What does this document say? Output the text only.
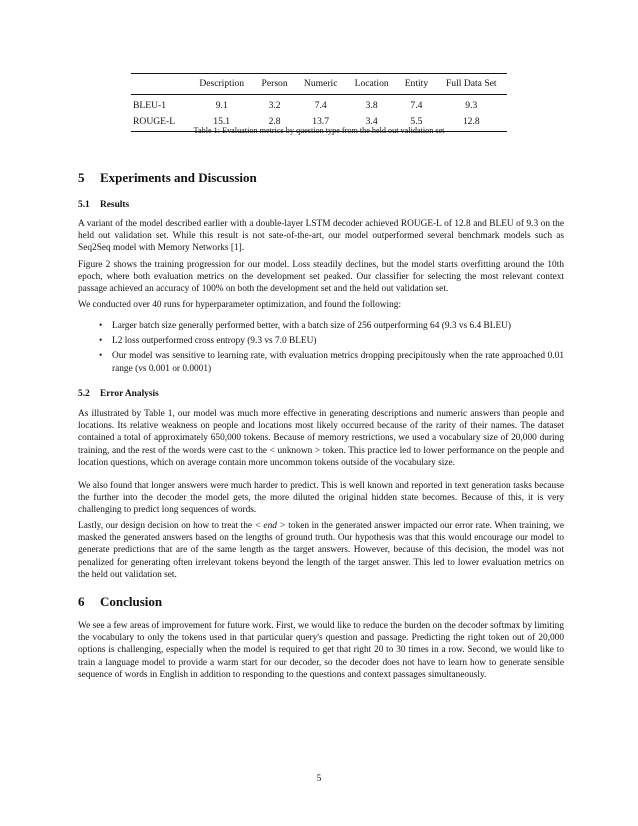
	Description	Person	Numeric	Location	Entity	Full Data Set
BLEU-1	9.1	3.2	7.4	3.8	7.4	9.3
ROUGE-L	15.1	2.8	13.7	3.4	5.5	12.8
Table 1: Evaluation metrics by question type from the held out validation set
5 Experiments and Discussion
5.1 Results
A variant of the model described earlier with a double-layer LSTM decoder achieved ROUGE-L of 12.8 and BLEU of 9.3 on the held out validation set. While this result is not sate-of-the-art, our model outperformed several benchmark models such as Seq2Seq model with Memory Networks [1].
Figure 2 shows the training progression for our model. Loss steadily declines, but the model starts overfitting around the 10th epoch, where both evaluation metrics on the development set peaked. Our classifier for selecting the most relevant context passage achieved an accuracy of 100% on both the development set and the held out validation set.
We conducted over 40 runs for hyperparameter optimization, and found the following:
• Larger batch size generally performed better, with a batch size of 256 outperforming 64 (9.3 vs 6.4 BLEU)
• L2 loss outperformed cross entropy (9.3 vs 7.0 BLEU)
• Our model was sensitive to learning rate, with evaluation metrics dropping precipitously when the rate approached 0.01 range (vs 0.001 or 0.0001)
5.2 Error Analysis
As illustrated by Table 1, our model was much more effective in generating descriptions and numeric answers than people and locations. Its relative weakness on people and locations most likely occurred because of the rarity of their names. The dataset contained a total of approximately 650,000 tokens. Because of memory restrictions, we used a vocabulary size of 20,000 during training, and the rest of the words were cast to the < unknown > token. This practice led to lower performance on the people and location questions, which on average contain more uncommon tokens outside of the vocabulary size.
We also found that longer answers were much harder to predict. This is well known and reported in text generation tasks because the further into the decoder the model gets, the more diluted the original hidden state becomes. Because of this, it is very challenging to predict long sequences of words.
Lastly, our design decision on how to treat the < end > token in the generated answer impacted our error rate. When training, we masked the generated answers based on the lengths of ground truth. Our hypothesis was that this would encourage our model to generate predictions that are of the same length as the target answers. However, because of this decision, the model was not penalized for generating often irrelevant tokens beyond the length of the target answer. This led to lower evaluation metrics on the held out validation set.
6 Conclusion
We see a few areas of improvement for future work. First, we would like to reduce the burden on the decoder softmax by limiting the vocabulary to only the tokens used in that particular query's question and passage. Predicting the right token out of 20,000 options is challenging, especially when the model is required to get that right 20 to 30 times in a row. Second, we would like to train a language model to provide a warm start for our decoder, so the decoder does not have to learn how to generate sensible sequence of words in English in addition to responding to the questions and context passages simultaneously.
5
